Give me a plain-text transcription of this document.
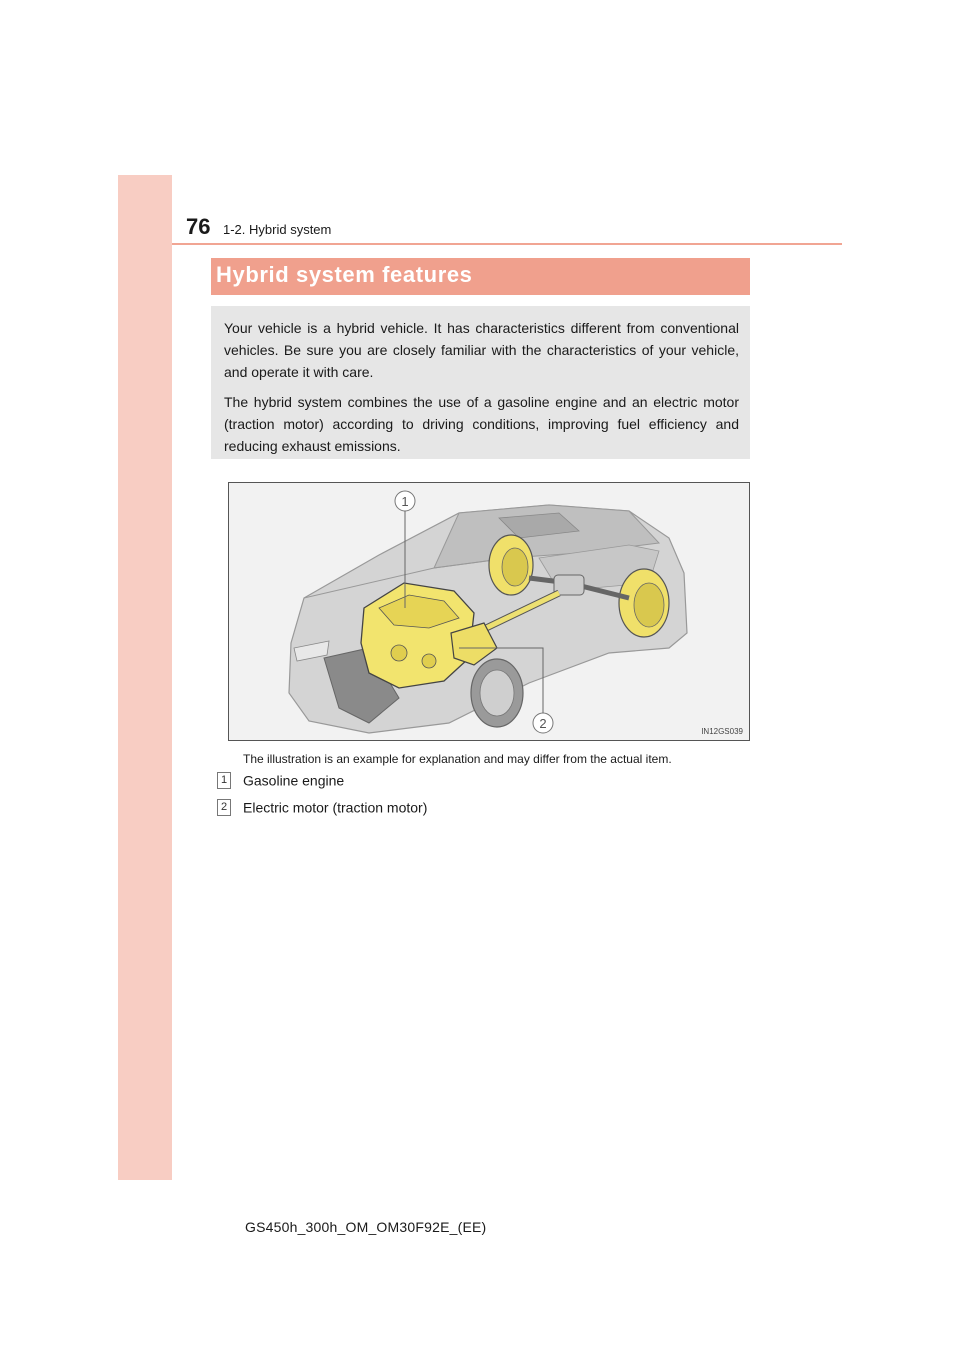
76 1-2. Hybrid system
Hybrid system features

Your vehicle is a hybrid vehicle. It has characteristics different from conventional vehicles. Be sure you are closely familiar with the characteristics of your vehicle, and operate it with care.

The hybrid system combines the use of a gasoline engine and an electric motor (traction motor) according to driving conditions, improving fuel efficiency and reducing exhaust emissions.

1
2
IN12GS039
The illustration is an example for explanation and may differ from the actual item.
1 Gasoline engine
2 Electric motor (traction motor)
GS450h_300h_OM_OM30F92E_(EE)
